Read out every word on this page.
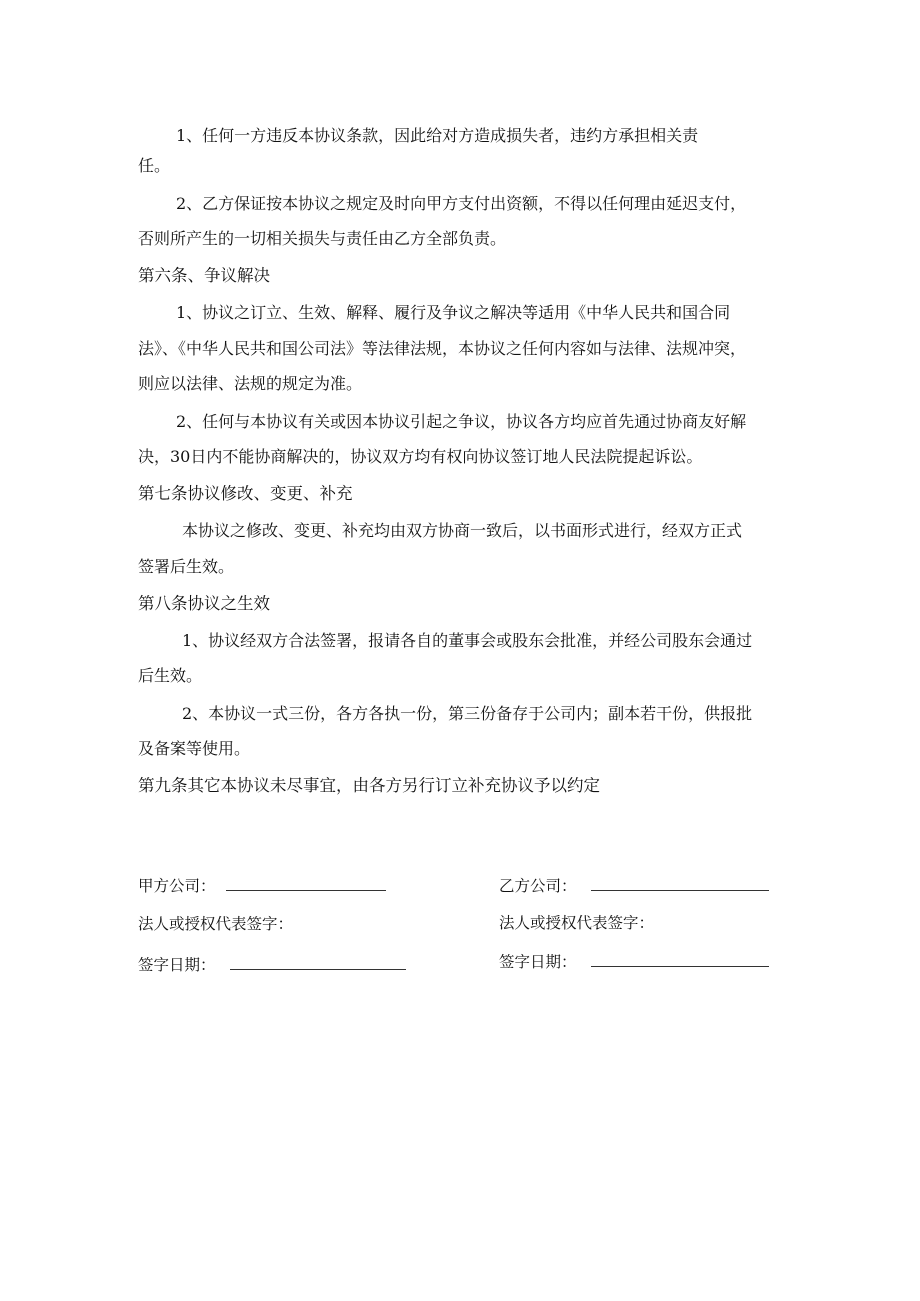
1、任何一方违反本协议条款，因此给对方造成损失者，违约方承担相关责
任。
2、乙方保证按本协议之规定及时向甲方支付出资额，不得以任何理由延迟支付，
否则所产生的一切相关损失与责任由乙方全部负责。
第六条、争议解决
1、协议之订立、生效、解释、履行及争议之解决等适用《中华人民共和国合同
法》、《中华人民共和国公司法》等法律法规，本协议之任何内容如与法律、法规冲突，
则应以法律、法规的规定为准。
2、任何与本协议有关或因本协议引起之争议，协议各方均应首先通过协商友好解
决，30日内不能协商解决的，协议双方均有权向协议签订地人民法院提起诉讼。
第七条协议修改、变更、补充
本协议之修改、变更、补充均由双方协商一致后，以书面形式进行，经双方正式
签署后生效。
第八条协议之生效
1、协议经双方合法签署，报请各自的董事会或股东会批准，并经公司股东会通过
后生效。
2、本协议一式三份，各方各执一份，第三份备存于公司内；副本若干份，供报批
及备案等使用。
第九条其它本协议未尽事宜，由各方另行订立补充协议予以约定
甲方公司：
法人或授权代表签字：
签字日期：
乙方公司：
法人或授权代表签字：
签字日期：
